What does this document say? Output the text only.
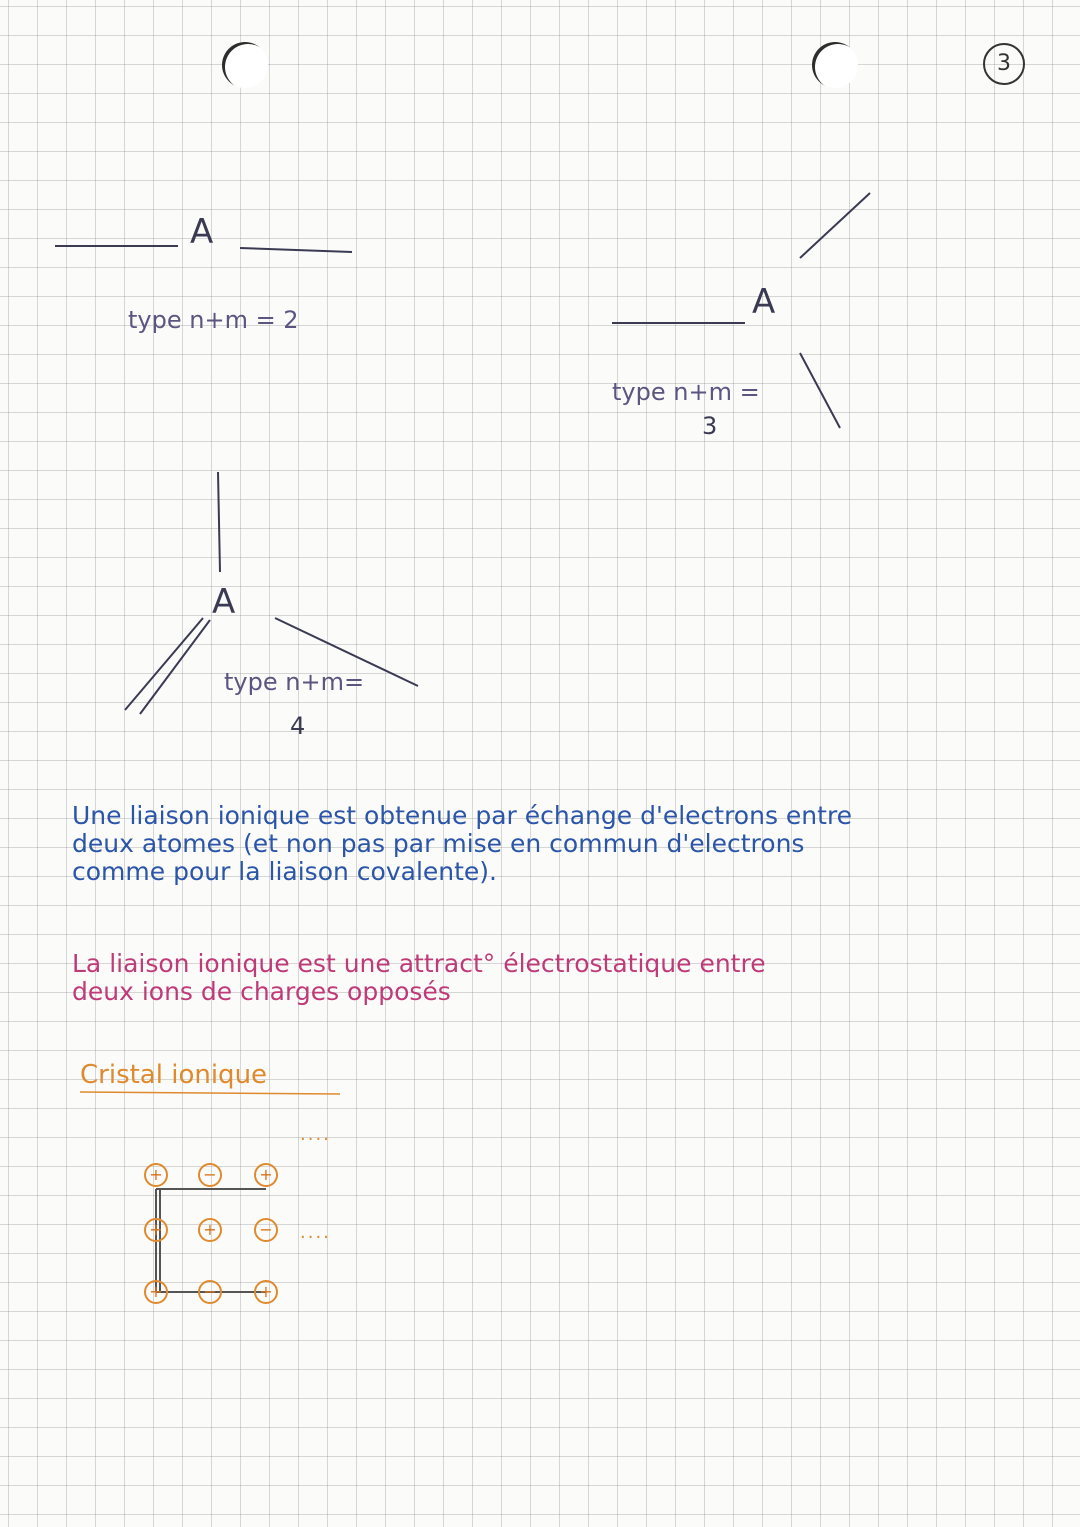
3
A
type n+m = 2	A
type n+m =
3
A
type n+m=
4
Une liaison ionique est obtenue par échange d'electrons entre
deux atomes (et non pas par mise en commun d'electrons
comme pour la liaison covalente).
La liaison ionique est une attract° électrostatique entre
deux ions de charges opposés
Cristal ionique
+	−	+
+	+	−
+	−	+
....
....
